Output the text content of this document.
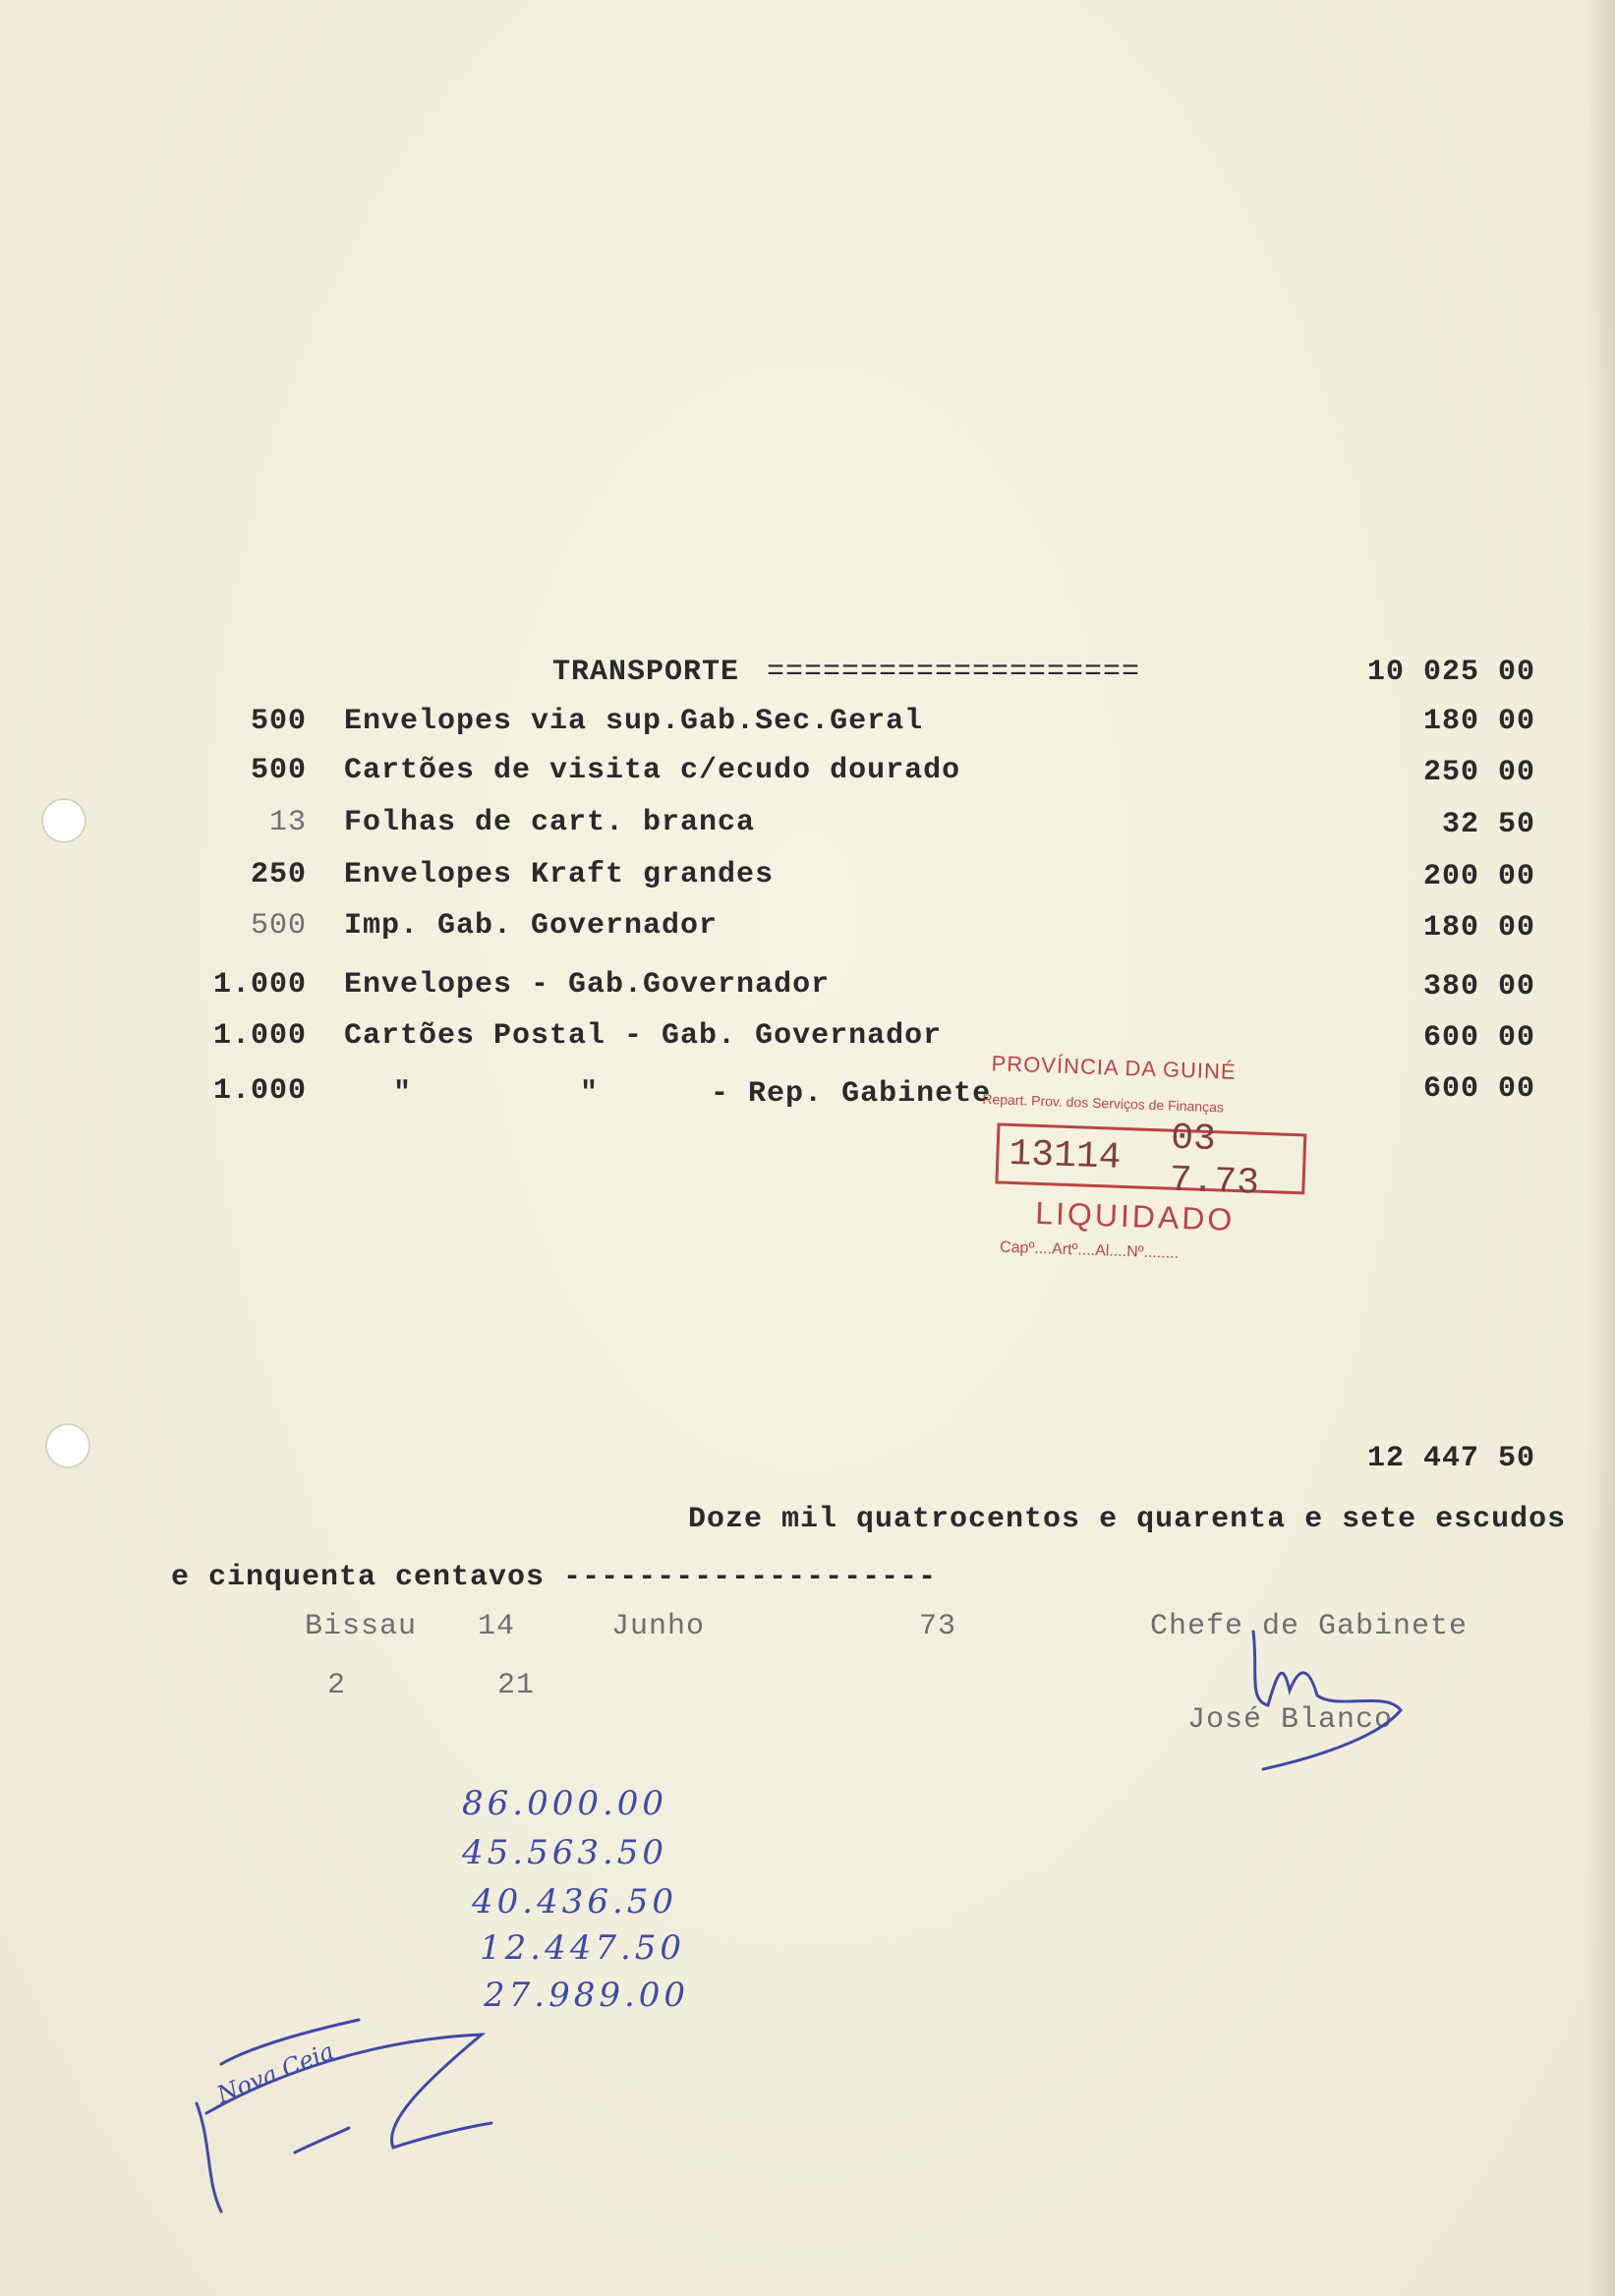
TRANSPORTE ====================	10 025 00
500 Envelopes via sup.Gab.Sec.Geral	180 00
500 Cartões de visita c/ecudo dourado	250 00
13 Folhas de cart. branca	32 50
250 Envelopes Kraft grandes	200 00
500 Imp. Gab. Governador	180 00
1.000 Envelopes - Gab.Governador	380 00
1.000 Cartões Postal - Gab. Governador	600 00
1.000	"         "      - Rep. Gabinete	600 00
PROVÍNCIA DA GUINÉ
Repart. Prov. dos Serviços de Finanças
13114 03 7.73
LIQUIDADO
Capº....Artº....Al....Nº........
12 447 50
Doze mil quatrocentos e quarenta e sete escudos
e cinquenta centavos --------------------
Bissau 14	Junho	73
2	21
Chefe de Gabinete
José Blanco
86.000.00
45.563.50
40.436.50
12.447.50
27.989.00
Nova Ceia
